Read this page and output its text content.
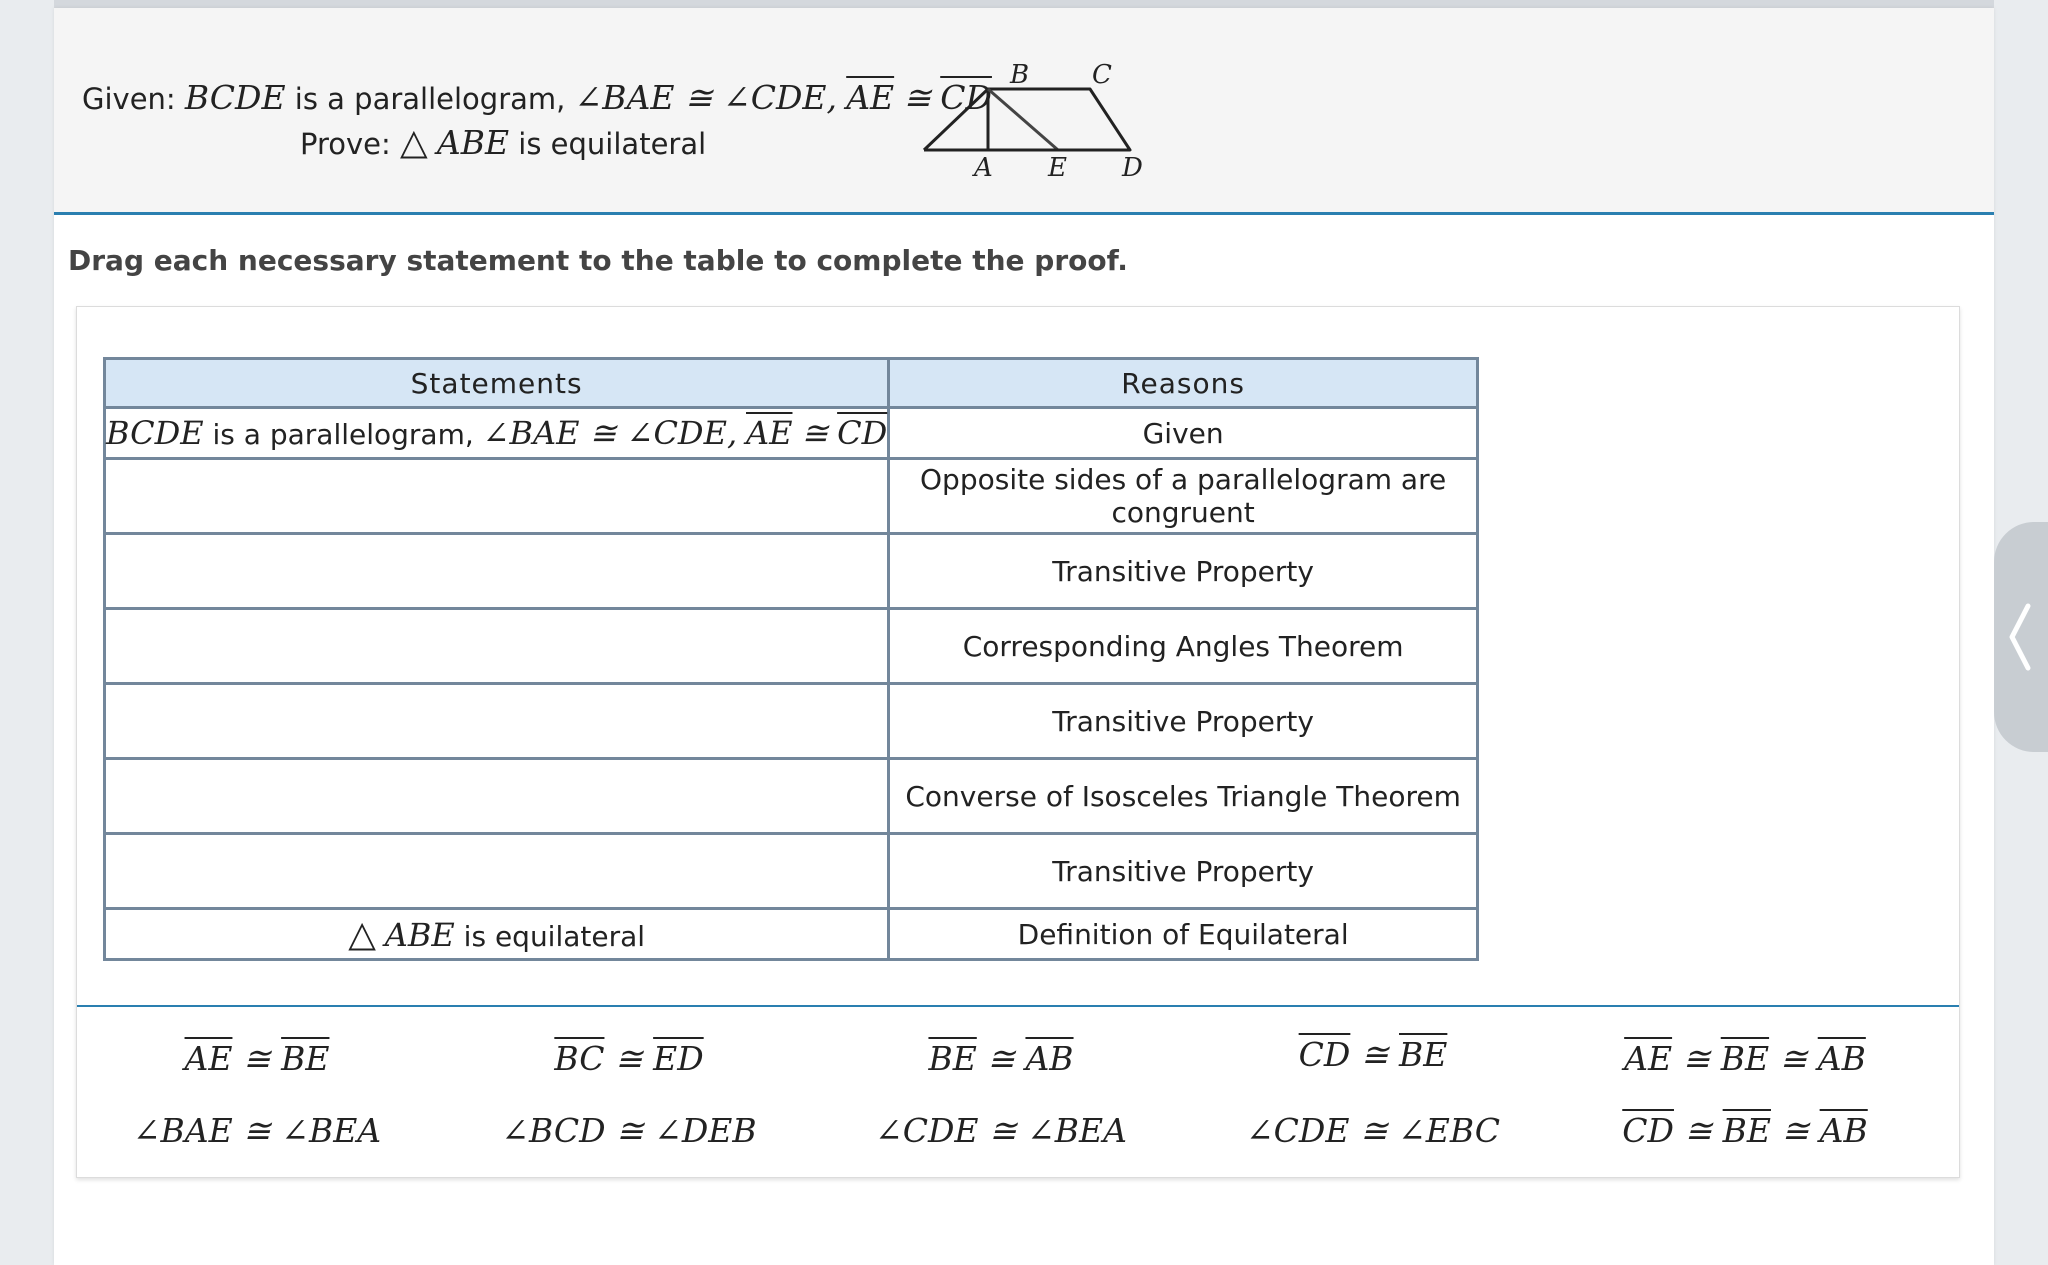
Given: BCDE is a parallelogram, ∠BAE ≅ ∠CDE, $\overline{AE}$ ≅ $\overline{CD}$
Prove: △ ABE is equilateral
B C
A E D
Drag each necessary statement to the table to complete the proof.
Statements	Reasons
BCDE is a parallelogram, ∠BAE ≅ ∠CDE, $\overline{AE}$ ≅ $\overline{CD}$	Given
	Opposite sides of a parallelogram are congruent
	Transitive Property
	Corresponding Angles Theorem
	Transitive Property
	Converse of Isosceles Triangle Theorem
	Transitive Property
△ ABE is equilateral	Definition of Equilateral
$\overline{AE}$ ≅ $\overline{BE}$	$\overline{BC}$ ≅ $\overline{ED}$	$\overline{BE}$ ≅ $\overline{AB}$	$\overline{CD}$ ≅ $\overline{BE}$	$\overline{AE}$ ≅ $\overline{BE}$ ≅ $\overline{AB}$
∠BAE ≅ ∠BEA	∠BCD ≅ ∠DEB	∠CDE ≅ ∠BEA	∠CDE ≅ ∠EBC	$\overline{CD}$ ≅ $\overline{BE}$ ≅ $\overline{AB}$
